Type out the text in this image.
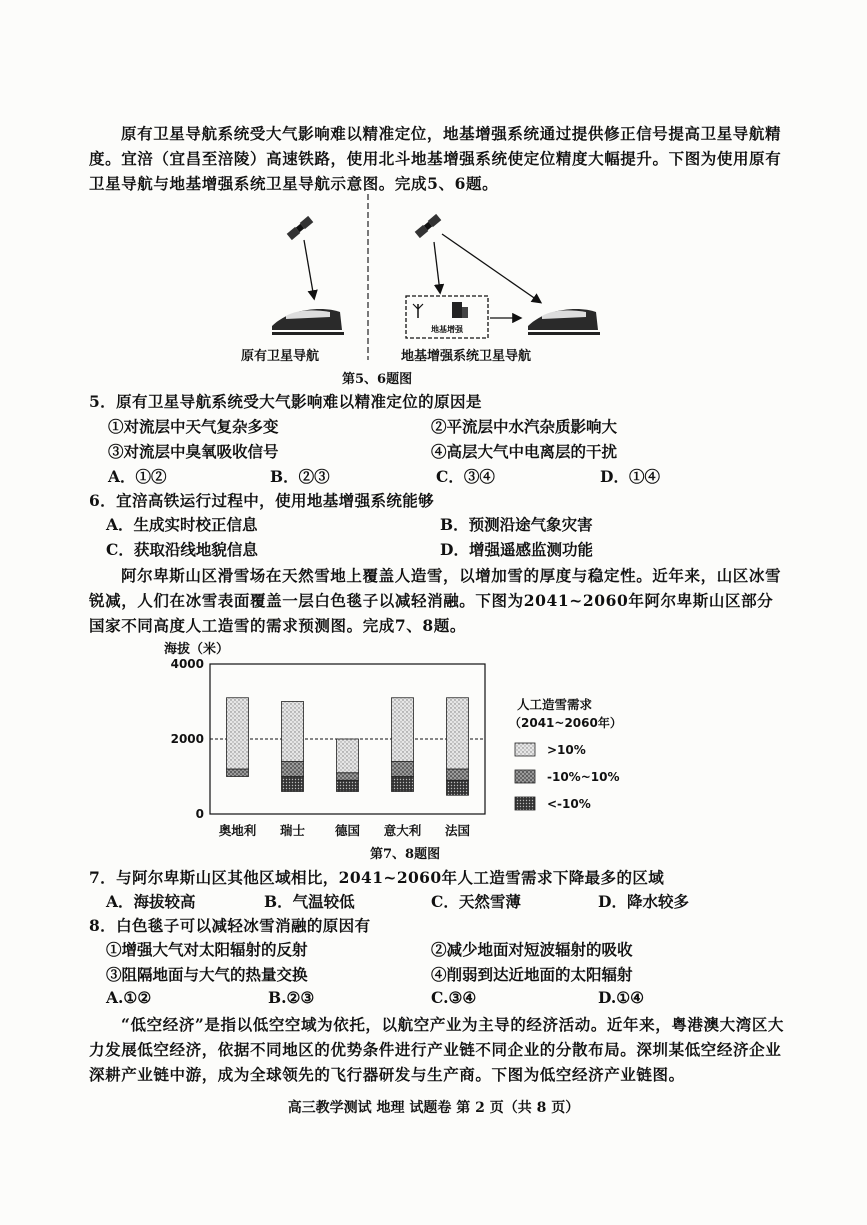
原有卫星导航系统受大气影响难以精准定位，地基增强系统通过提供修正信号提高卫星导航精度。宜涪（宜昌至涪陵）高速铁路，使用北斗地基增强系统使定位精度大幅提升。下图为使用原有卫星导航与地基增强系统卫星导航示意图。完成5、6题。
地基增强
原有卫星导航	地基增强系统卫星导航
第5、6题图
5．原有卫星导航系统受大气影响难以精准定位的原因是
①对流层中天气复杂多变	②平流层中水汽杂质影响大
③对流层中臭氧吸收信号	④高层大气中电离层的干扰
A．①②	B．②③	C．③④	D．①④
6．宜涪高铁运行过程中，使用地基增强系统能够
A．生成实时校正信息	B．预测沿途气象灾害
C．获取沿线地貌信息	D．增强遥感监测功能
阿尔卑斯山区滑雪场在天然雪地上覆盖人造雪，以增加雪的厚度与稳定性。近年来，山区冰雪锐减，人们在冰雪表面覆盖一层白色毯子以减轻消融。下图为2041~2060年阿尔卑斯山区部分国家不同高度人工造雪的需求预测图。完成7、8题。
海拔（米）
0
2000
4000
奥地利 瑞士 德国 意大利 法国
人工造雪需求
（2041~2060年）
>10%
-10%~10%
<-10%
第7、8题图
7．与阿尔卑斯山区其他区域相比，2041~2060年人工造雪需求下降最多的区域
A．海拔较高	B．气温较低	C．天然雪薄	D．降水较多
8．白色毯子可以减轻冰雪消融的原因有
①增强大气对太阳辐射的反射	②减少地面对短波辐射的吸收
③阻隔地面与大气的热量交换	④削弱到达近地面的太阳辐射
A.①②	B.②③	C.③④	D.①④
“低空经济”是指以低空空域为依托，以航空产业为主导的经济活动。近年来，粤港澳大湾区大力发展低空经济，依据不同地区的优势条件进行产业链不同企业的分散布局。深圳某低空经济企业深耕产业链中游，成为全球领先的飞行器研发与生产商。下图为低空经济产业链图。
高三教学测试 地理 试题卷 第 2 页（共 8 页）
